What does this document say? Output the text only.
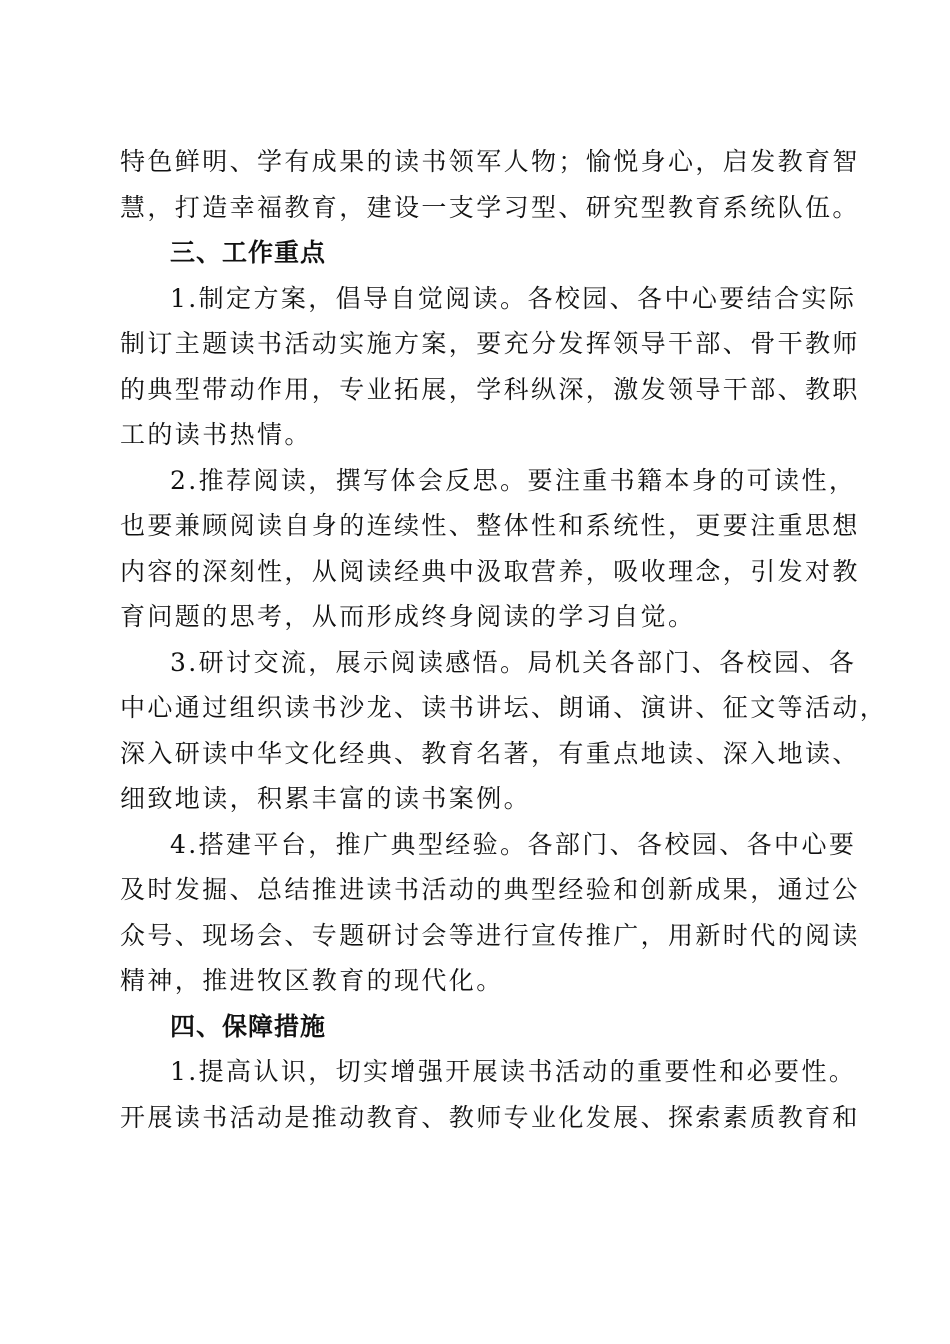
特色鲜明、学有成果的读书领军人物；愉悦身心，启发教育智
慧，打造幸福教育，建设一支学习型、研究型教育系统队伍。
三、工作重点
1.制定方案，倡导自觉阅读。各校园、各中心要结合实际
制订主题读书活动实施方案，要充分发挥领导干部、骨干教师
的典型带动作用，专业拓展，学科纵深，激发领导干部、教职
工的读书热情。
2.推荐阅读，撰写体会反思。要注重书籍本身的可读性，
也要兼顾阅读自身的连续性、整体性和系统性，更要注重思想
内容的深刻性，从阅读经典中汲取营养，吸收理念，引发对教
育问题的思考，从而形成终身阅读的学习自觉。
3.研讨交流，展示阅读感悟。局机关各部门、各校园、各
中心通过组织读书沙龙、读书讲坛、朗诵、演讲、征文等活动，
深入研读中华文化经典、教育名著，有重点地读、深入地读、
细致地读，积累丰富的读书案例。
4.搭建平台，推广典型经验。各部门、各校园、各中心要
及时发掘、总结推进读书活动的典型经验和创新成果，通过公
众号、现场会、专题研讨会等进行宣传推广，用新时代的阅读
精神，推进牧区教育的现代化。
四、保障措施
1.提高认识，切实增强开展读书活动的重要性和必要性。
开展读书活动是推动教育、教师专业化发展、探索素质教育和
